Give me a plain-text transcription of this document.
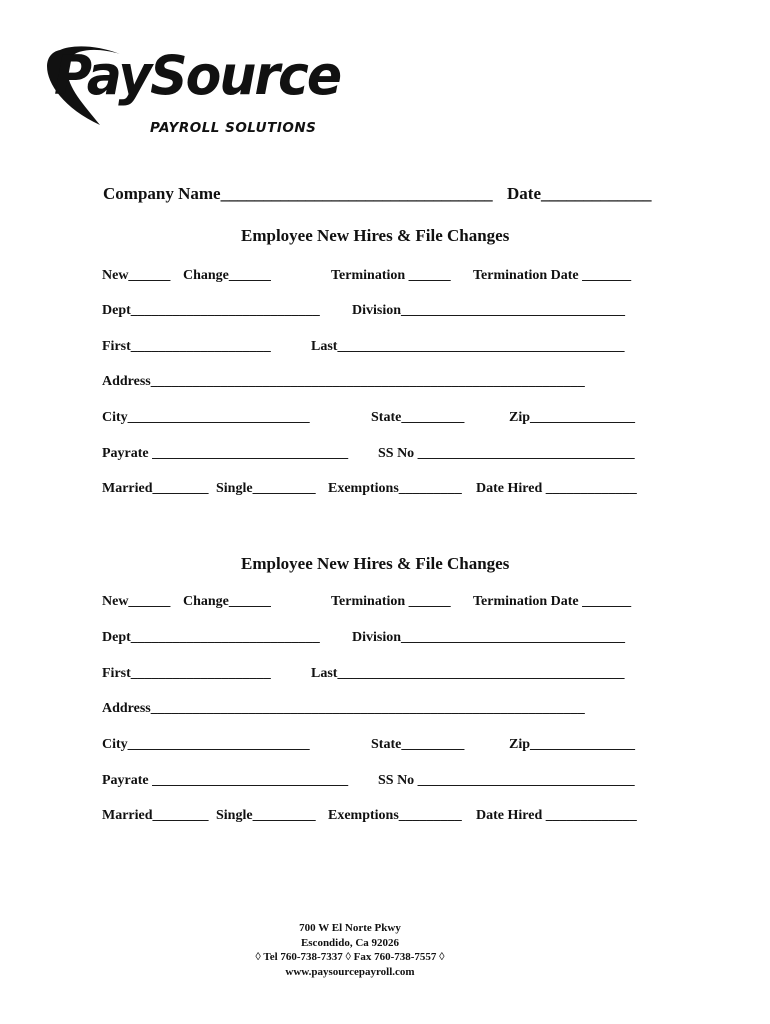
PaySource
PAYROLL SOLUTIONS
Company Name________________________________ Date_____________
Employee New Hires & File Changes
New______ Change______	Termination ______ Termination Date _______
Dept___________________________ Division________________________________
First____________________	Last_________________________________________
Address______________________________________________________________
City__________________________	State_________	Zip_______________
Payrate ____________________________ SS No _______________________________
Married________ Single_________ Exemptions_________ Date Hired _____________
Employee New Hires & File Changes
New______ Change______	Termination ______ Termination Date _______
Dept___________________________ Division________________________________
First____________________	Last_________________________________________
Address______________________________________________________________
City__________________________	State_________	Zip_______________
Payrate ____________________________ SS No _______________________________
Married________ Single_________ Exemptions_________ Date Hired _____________
700 W El Norte Pkwy
Escondido, Ca 92026
◊ Tel 760-738-7337 ◊ Fax 760-738-7557 ◊
www.paysourcepayroll.com
